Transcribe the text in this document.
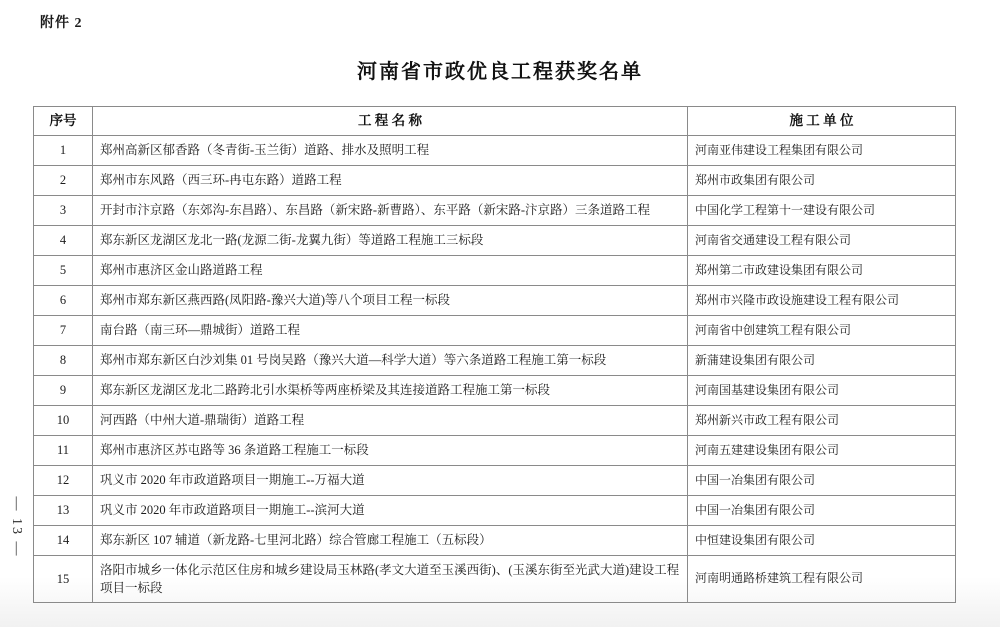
附件 2
河南省市政优良工程获奖名单
序号	工 程 名 称	施 工 单 位
1	郑州高新区郁香路（冬青街-玉兰街）道路、排水及照明工程	河南亚伟建设工程集团有限公司
2	郑州市东风路（西三环-冉屯东路）道路工程	郑州市政集团有限公司
3	开封市汴京路（东郊沟-东昌路）、东昌路（新宋路-新曹路）、东平路（新宋路-汴京路）三条道路工程	中国化学工程第十一建设有限公司
4	郑东新区龙湖区龙北一路(龙源二街-龙翼九街）等道路工程施工三标段	河南省交通建设工程有限公司
5	郑州市惠济区金山路道路工程	郑州第二市政建设集团有限公司
6	郑州市郑东新区燕西路(凤阳路-豫兴大道)等八个项目工程一标段	郑州市兴隆市政设施建设工程有限公司
7	南台路（南三环—鼎城街）道路工程	河南省中创建筑工程有限公司
8	郑州市郑东新区白沙刘集 01 号岗吴路（豫兴大道—科学大道）等六条道路工程施工第一标段	新蒲建设集团有限公司
9	郑东新区龙湖区龙北二路跨北引水渠桥等两座桥梁及其连接道路工程施工第一标段	河南国基建设集团有限公司
10	河西路（中州大道-鼎瑞街）道路工程	郑州新兴市政工程有限公司
11	郑州市惠济区苏屯路等 36 条道路工程施工一标段	河南五建建设集团有限公司
12	巩义市 2020 年市政道路项目一期施工--万福大道	中国一冶集团有限公司
13	巩义市 2020 年市政道路项目一期施工--滨河大道	中国一冶集团有限公司
14	郑东新区 107 辅道（新龙路-七里河北路）综合管廊工程施工（五标段）	中恒建设集团有限公司
15	洛阳市城乡一体化示范区住房和城乡建设局玉林路(孝文大道至玉溪西街)、(玉溪东街至光武大道)建设工程项目一标段	河南明通路桥建筑工程有限公司
— 13 —
